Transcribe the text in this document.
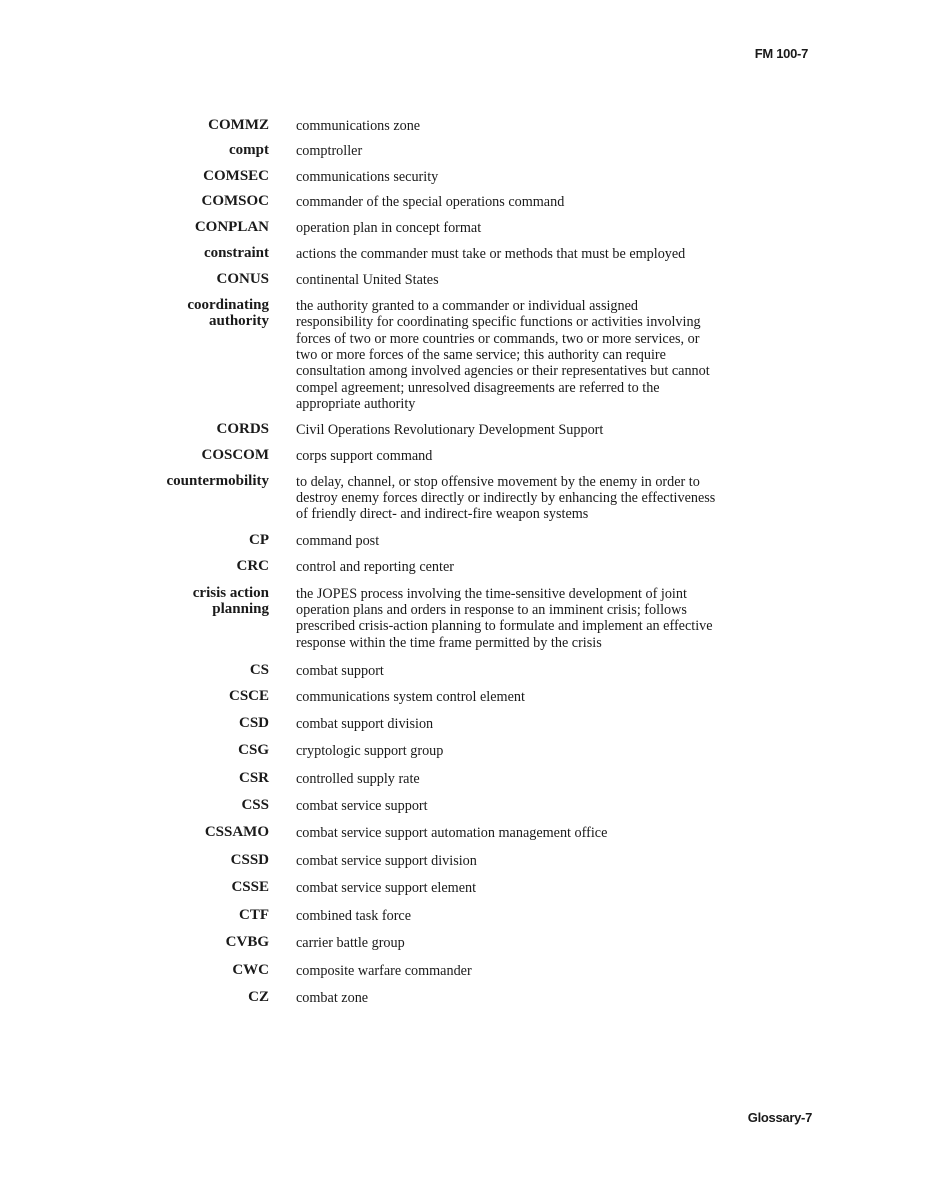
FM 100-7
COMMZ communications zone
compt comptroller
COMSEC communications security
COMSOC commander of the special operations command
CONPLAN operation plan in concept format
constraint actions the commander must take or methods that must be employed
CONUS continental United States
coordinating
authority
the authority granted to a commander or individual assigned responsibility for coordinating specific functions or activities involving forces of two or more countries or commands, two or more services, or two or more forces of the same service; this authority can require consultation among involved agencies or their representatives but cannot compel agreement; unresolved disagreements are referred to the appropriate authority
CORDS Civil Operations Revolutionary Development Support
COSCOM corps support command
countermobility to delay, channel, or stop offensive movement by the enemy in order to destroy enemy forces directly or indirectly by enhancing the effectiveness of friendly direct- and indirect-fire weapon systems
CP command post
CRC control and reporting center
crisis action
planning
the JOPES process involving the time-sensitive development of joint operation plans and orders in response to an imminent crisis; follows prescribed crisis-action planning to formulate and implement an effective response within the time frame permitted by the crisis
CS combat support
CSCE communications system control element
CSD combat support division
CSG cryptologic support group
CSR controlled supply rate
CSS combat service support
CSSAMO combat service support automation management office
CSSD combat service support division
CSSE combat service support element
CTF combined task force
CVBG carrier battle group
CWC composite warfare commander
CZ combat zone
Glossary-7
